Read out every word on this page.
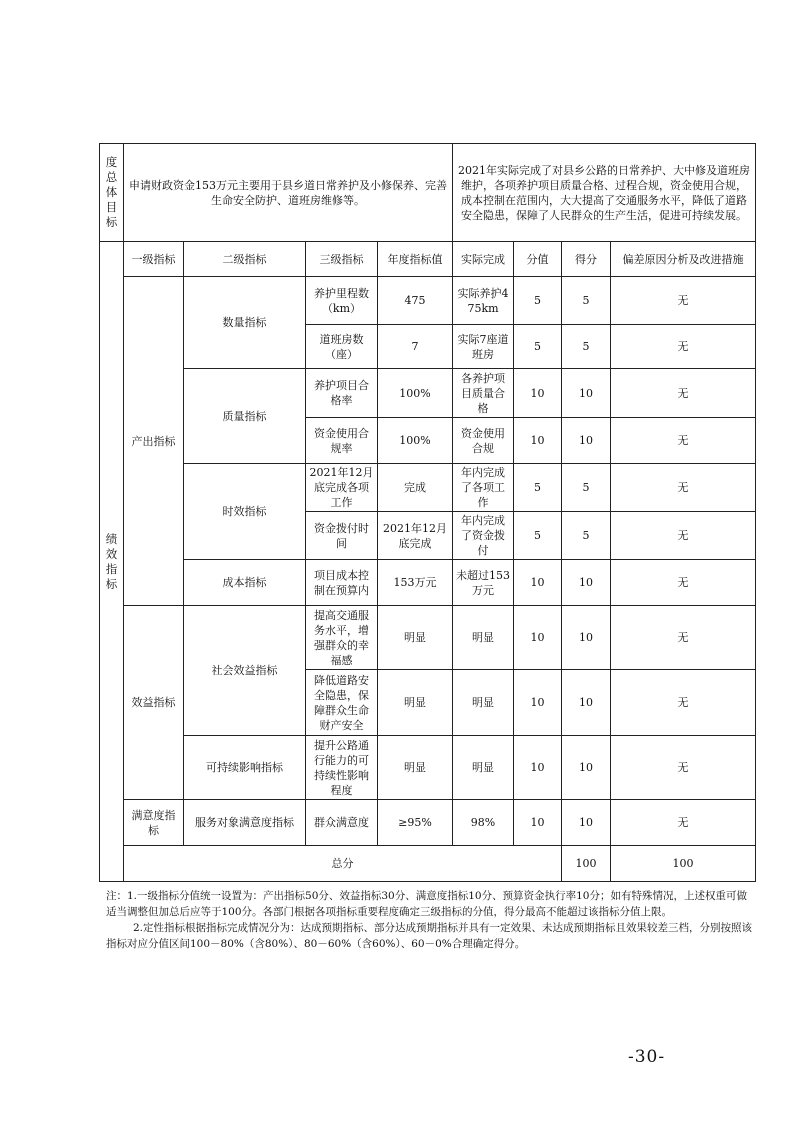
度总体目标	申请财政资金153万元主要用于县乡道日常养护及小修保养、完善生命安全防护、道班房维修等。				2021年实际完成了对县乡公路的日常养护、大中修及道班房维护，各项养护项目质量合格、过程合规，资金使用合规，成本控制在范围内，大大提高了交通服务水平，降低了道路安全隐患，保障了人民群众的生产生活，促进可持续发展。				

绩效指标	一级指标	二级指标	三级指标	年度指标值	实际完成	分值	得分	偏差原因分析及改进措施	
	产出指标	数量指标	养护里程数（km）	475	实际养护475km	5	5	无	
			道班房数（座）	7	实际7座道班房	5	5	无	
		质量指标	养护项目合格率	100%	各养护项目质量合格	10	10	无	
			资金使用合规率	100%	资金使用合规	10	10	无	
		时效指标	2021年12月底完成各项工作	完成	年内完成了各项工作	5	5	无	
			资金拨付时间	2021年12月底完成	年内完成了资金拨付	5	5	无	
		成本指标	项目成本控制在预算内	153万元	未超过153万元	10	10	无	
	效益指标	社会效益指标	提高交通服务水平，增强群众的幸福感	明显	明显	10	10	无	
			降低道路安全隐患，保障群众生命财产安全	明显	明显	10	10	无	
		可持续影响指标	提升公路通行能力的可持续性影响程度	明显	明显	10	10	无	
	满意度指标	服务对象满意度指标	群众满意度	≥95%	98%	10	10	无	
	总分						100	100	

注：1.一级指标分值统一设置为：产出指标50分、效益指标30分、满意度指标10分、预算资金执行率10分；如有特殊情况，上述权重可做适当调整但加总后应等于100分。各部门根据各项指标重要程度确定三级指标的分值，得分最高不能超过该指标分值上限。

2.定性指标根据指标完成情况分为：达成预期指标、部分达成预期指标并具有一定效果、未达成预期指标且效果较差三档，分别按照该指标对应分值区间100－80%（含80%）、80－60%（含60%）、60－0%合理确定得分。

-30-
